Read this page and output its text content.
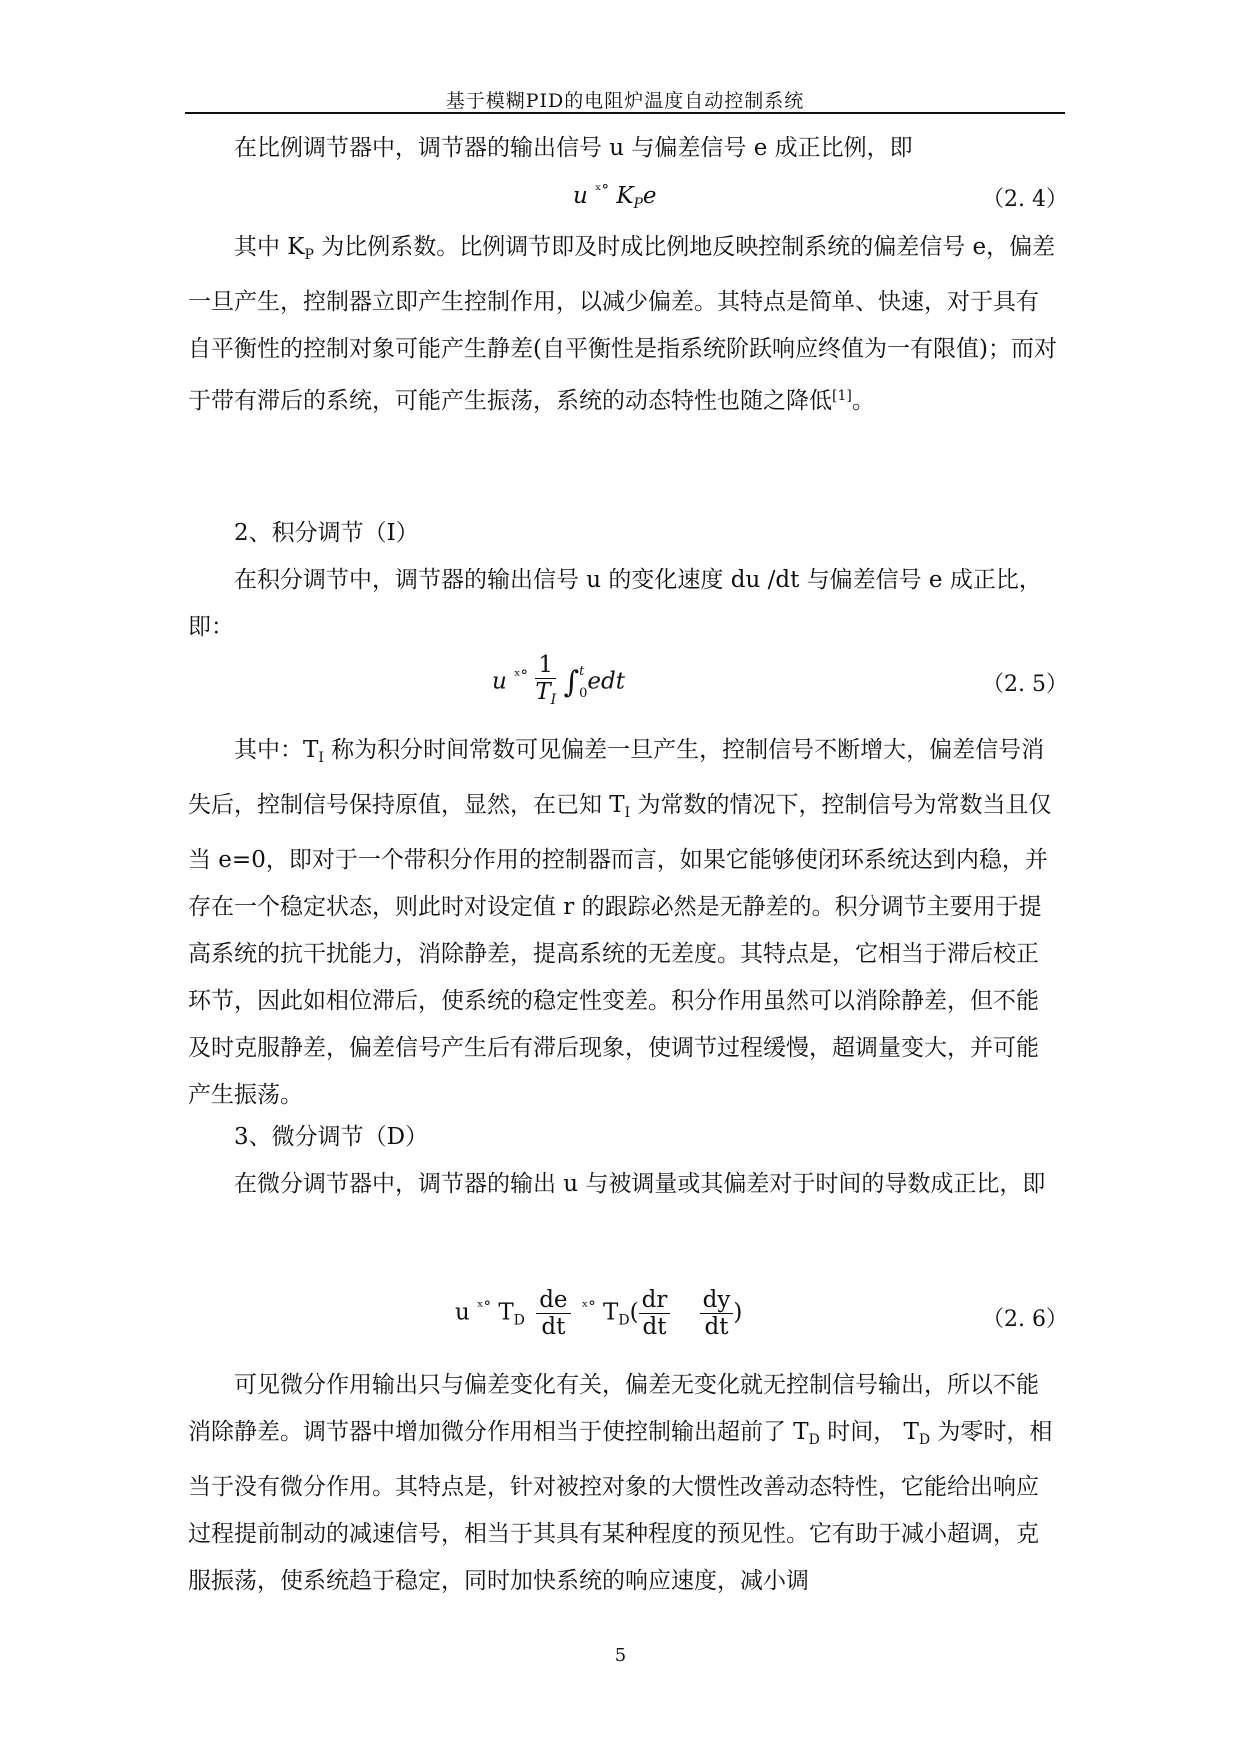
基于模糊PID的电阻炉温度自动控制系统

在比例调节器中，调节器的输出信号 u 与偏差信号 e 成正比例，即

u $^{ˣ^\circ}$ $K_Pe$	（2. 4）

其中 $K_P$ 为比例系数。比例调节即及时成比例地反映控制系统的偏差信号 e，偏差一旦产生，控制器立即产生控制作用，以减少偏差。其特点是简单、快速，对于具有自平衡性的控制对象可能产生静差(自平衡性是指系统阶跃响应终值为一有限值)；而对于带有滞后的系统，可能产生振荡，系统的动态特性也随之降低[1]。

2、积分调节（I）

在积分调节中，调节器的输出信号 u 的变化速度 du /dt 与偏差信号 e 成正比，即：

u $^{ˣ^\circ} \frac{1}{T_I}$ ∫ t
0 edt	（2. 5）

其中：$T_I$ 称为积分时间常数可见偏差一旦产生，控制信号不断增大，偏差信号消失后，控制信号保持原值，显然，在已知 $T_I$ 为常数的情况下，控制信号为常数当且仅当 e=0，即对于一个带积分作用的控制器而言，如果它能够使闭环系统达到内稳，并存在一个稳定状态，则此时对设定值 r 的跟踪必然是无静差的。积分调节主要用于提高系统的抗干扰能力，消除静差，提高系统的无差度。其特点是，它相当于滞后校正环节，因此如相位滞后，使系统的稳定性变差。积分作用虽然可以消除静差，但不能及时克服静差，偏差信号产生后有滞后现象，使调节过程缓慢，超调量变大，并可能产生振荡。

3、微分调节（D）

在微分调节器中，调节器的输出 u 与被调量或其偏差对于时间的导数成正比，即

u $^{ˣ^\circ}$ $T_D \frac{de}{dt} ^{ˣ^\circ}$ $T_D( \frac{dr}{dt}$
$\frac{dy}{dt}$ )	（2. 6）

可见微分作用输出只与偏差变化有关，偏差无变化就无控制信号输出，所以不能消除静差。调节器中增加微分作用相当于使控制输出超前了 $T_D$ 时间， $T_D$ 为零时，相当于没有微分作用。其特点是，针对被控对象的大惯性改善动态特性，它能给出响应过程提前制动的减速信号，相当于其具有某种程度的预见性。它有助于减小超调，克服振荡，使系统趋于稳定，同时加快系统的响应速度，减小调

5
